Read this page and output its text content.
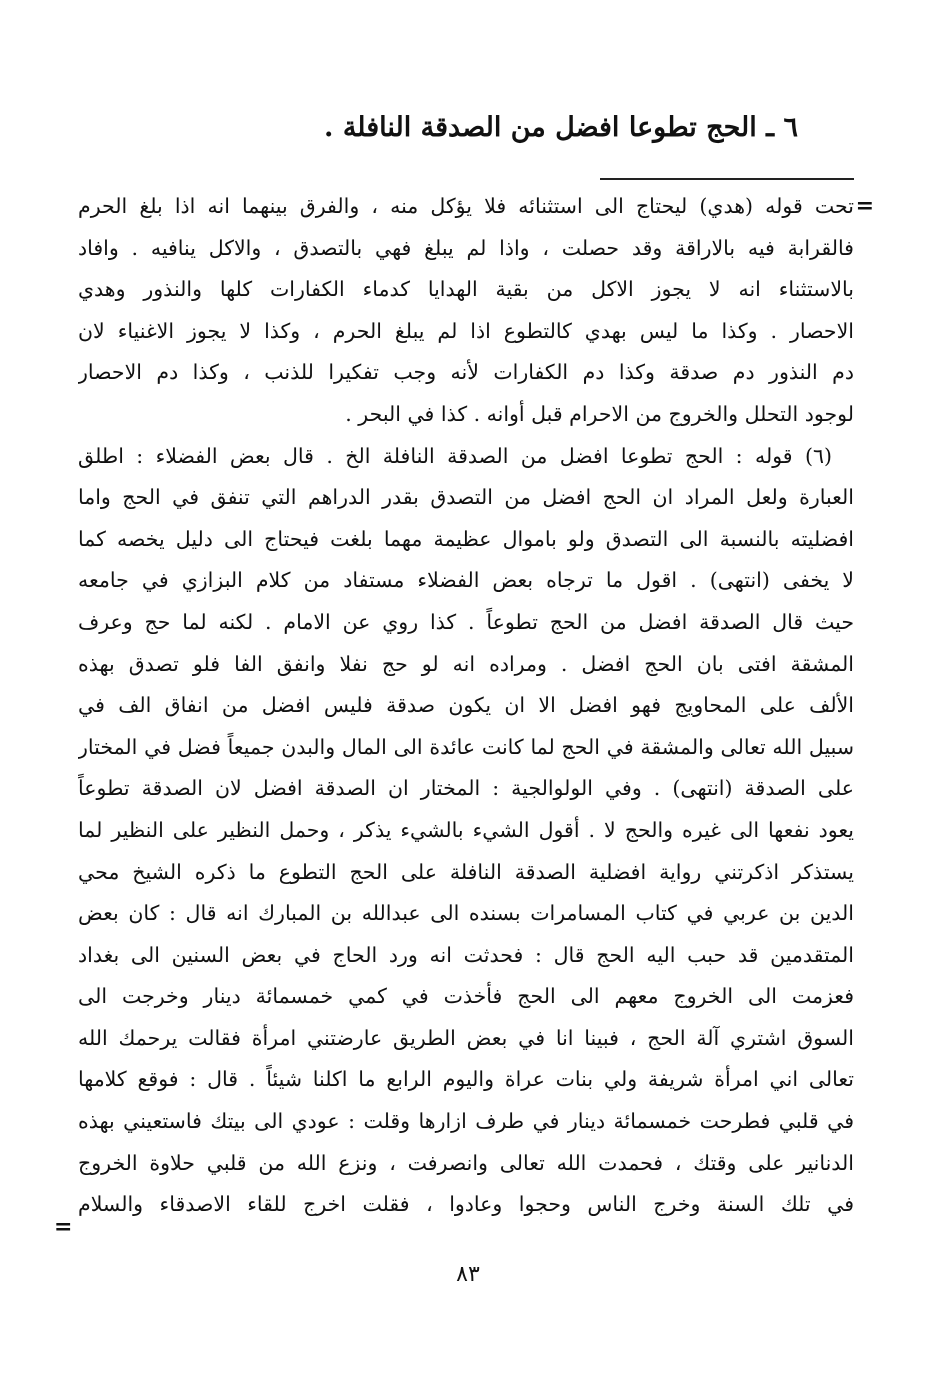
٦ ـ الحج تطوعا افضل من الصدقة النافلة .
=
=
تحت قوله (هدي) ليحتاج الى استثنائه فلا يؤكل منه ، والفرق بينهما انه اذا بلغ الحرم
فالقرابة فيه بالاراقة وقد حصلت ، واذا لم يبلغ فهي بالتصدق ، والاكل ينافيه . وافاد
بالاستثناء انه لا يجوز الاكل من بقية الهدايا كدماء الكفارات كلها والنذور وهدي
الاحصار . وكذا ما ليس بهدي كالتطوع اذا لم يبلغ الحرم ، وكذا لا يجوز الاغنياء لان
دم النذور دم صدقة وكذا دم الكفارات لأنه وجب تفكيرا للذنب ، وكذا دم الاحصار
لوجود التحلل والخروج من الاحرام قبل أوانه . كذا في البحر .
(٦) قوله : الحج تطوعا افضل من الصدقة النافلة الخ . قال بعض الفضلاء : اطلق
العبارة ولعل المراد ان الحج افضل من التصدق بقدر الدراهم التي تنفق في الحج واما
افضليته بالنسبة الى التصدق ولو باموال عظيمة مهما بلغت فيحتاج الى دليل يخصه كما
لا يخفى (انتهى) . اقول ما ترجاه بعض الفضلاء مستفاد من كلام البزازي في جامعه
حيث قال الصدقة افضل من الحج تطوعاً . كذا روي عن الامام . لكنه لما حج وعرف
المشقة افتى بان الحج افضل . ومراده انه لو حج نفلا وانفق الفا فلو تصدق بهذه
الألف على المحاويج فهو افضل الا ان يكون صدقة فليس افضل من انفاق الف في
سبيل الله تعالى والمشقة في الحج لما كانت عائدة الى المال والبدن جميعاً فضل في المختار
على الصدقة (انتهى) . وفي الولوالجية : المختار ان الصدقة افضل لان الصدقة تطوعاً
يعود نفعها الى غيره والحج لا . أقول الشيء بالشيء يذكر ، وحمل النظير على النظير لما
يستذكر اذكرتني رواية افضلية الصدقة النافلة على الحج التطوع ما ذكره الشيخ محي
الدين بن عربي في كتاب المسامرات بسنده الى عبدالله بن المبارك انه قال : كان بعض
المتقدمين قد حبب اليه الحج قال : فحدثت انه ورد الحاج في بعض السنين الى بغداد
فعزمت الى الخروج معهم الى الحج فأخذت في كمي خمسمائة دينار وخرجت الى
السوق اشتري آلة الحج ، فبينا انا في بعض الطريق عارضتني امرأة فقالت يرحمك الله
تعالى اني امرأة شريفة ولي بنات عراة واليوم الرابع ما اكلنا شيئاً . قال : فوقع كلامها
في قلبي فطرحت خمسمائة دينار في طرف ازارها وقلت : عودي الى بيتك فاستعيني بهذه
الدنانير على وقتك ، فحمدت الله تعالى وانصرفت ، ونزع الله من قلبي حلاوة الخروج
في تلك السنة وخرج الناس وحجوا وعادوا ، فقلت اخرج للقاء الاصدقاء والسلام
٨٣
